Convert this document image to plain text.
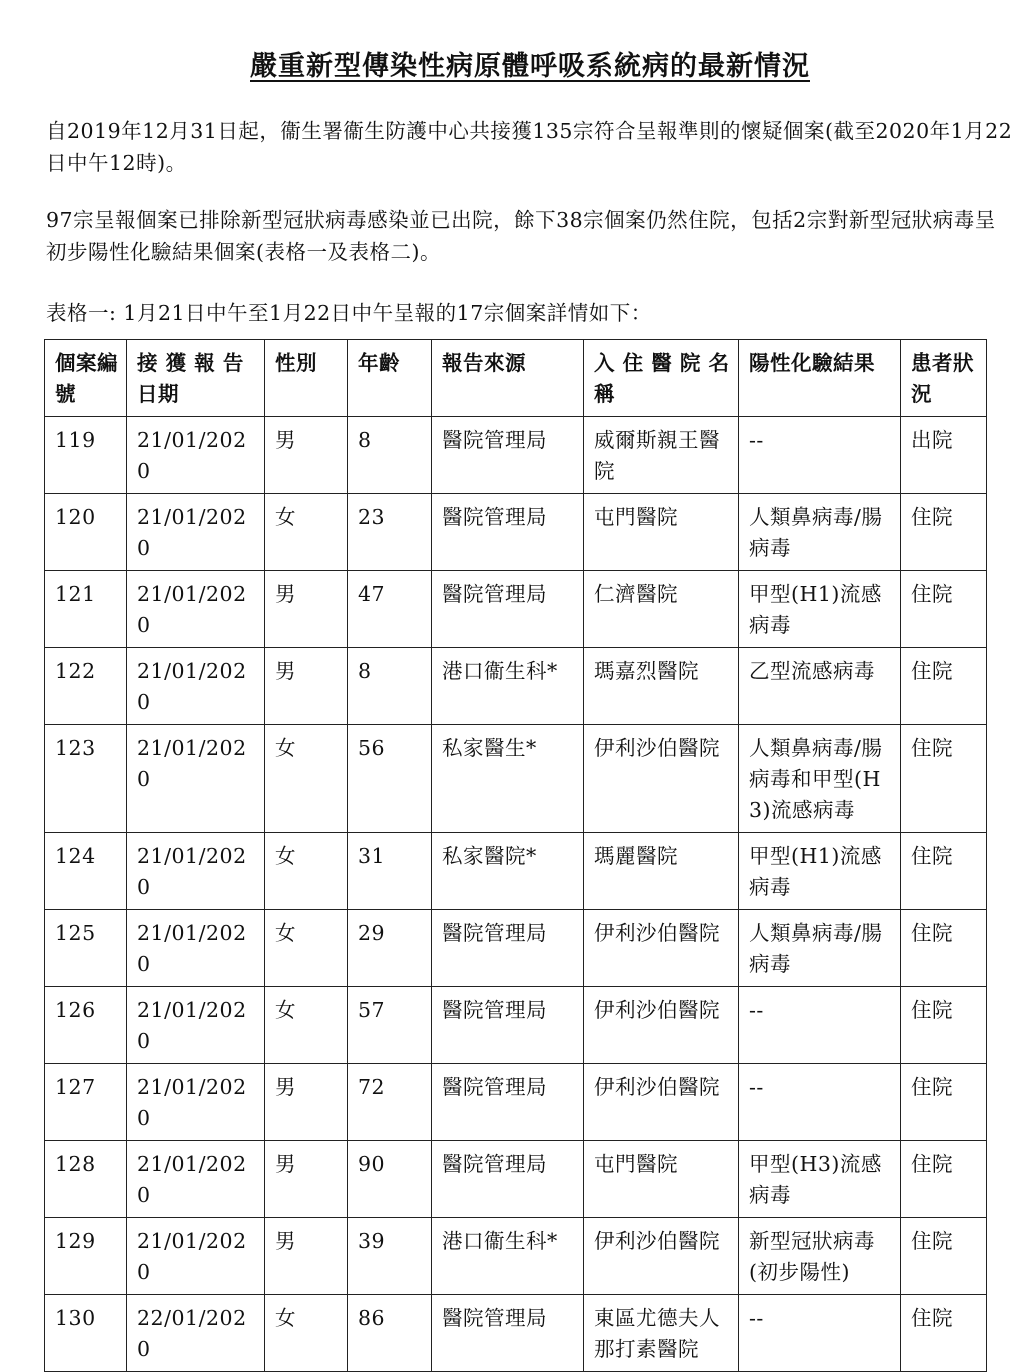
嚴重新型傳染性病原體呼吸系統病的最新情況
自2019年12月31日起，衞生署衞生防護中心共接獲135宗符合呈報準則的懷疑個案(截至2020年1月22日中午12時)。
97宗呈報個案已排除新型冠狀病毒感染並已出院，餘下38宗個案仍然住院，包括2宗對新型冠狀病毒呈初步陽性化驗結果個案(表格一及表格二)。
表格一: 1月21日中午至1月22日中午呈報的17宗個案詳情如下：
個案編號	接 獲 報 告 日期	性別	年齡	報告來源	入 住 醫 院 名 稱	陽性化驗結果	患者狀況
119	21/01/2020	男	8	醫院管理局	威爾斯親王醫院	--	出院
120	21/01/2020	女	23	醫院管理局	屯門醫院	人類鼻病毒/腸病毒	住院
121	21/01/2020	男	47	醫院管理局	仁濟醫院	甲型(H1)流感病毒	住院
122	21/01/2020	男	8	港口衞生科*	瑪嘉烈醫院	乙型流感病毒	住院
123	21/01/2020	女	56	私家醫生*	伊利沙伯醫院	人類鼻病毒/腸病毒和甲型(H3)流感病毒	住院
124	21/01/2020	女	31	私家醫院*	瑪麗醫院	甲型(H1)流感病毒	住院
125	21/01/2020	女	29	醫院管理局	伊利沙伯醫院	人類鼻病毒/腸病毒	住院
126	21/01/2020	女	57	醫院管理局	伊利沙伯醫院	--	住院
127	21/01/2020	男	72	醫院管理局	伊利沙伯醫院	--	住院
128	21/01/2020	男	90	醫院管理局	屯門醫院	甲型(H3)流感病毒	住院
129	21/01/2020	男	39	港口衞生科*	伊利沙伯醫院	新型冠狀病毒(初步陽性)	住院
130	22/01/2020	女	86	醫院管理局	東區尤德夫人那打素醫院	--	住院
